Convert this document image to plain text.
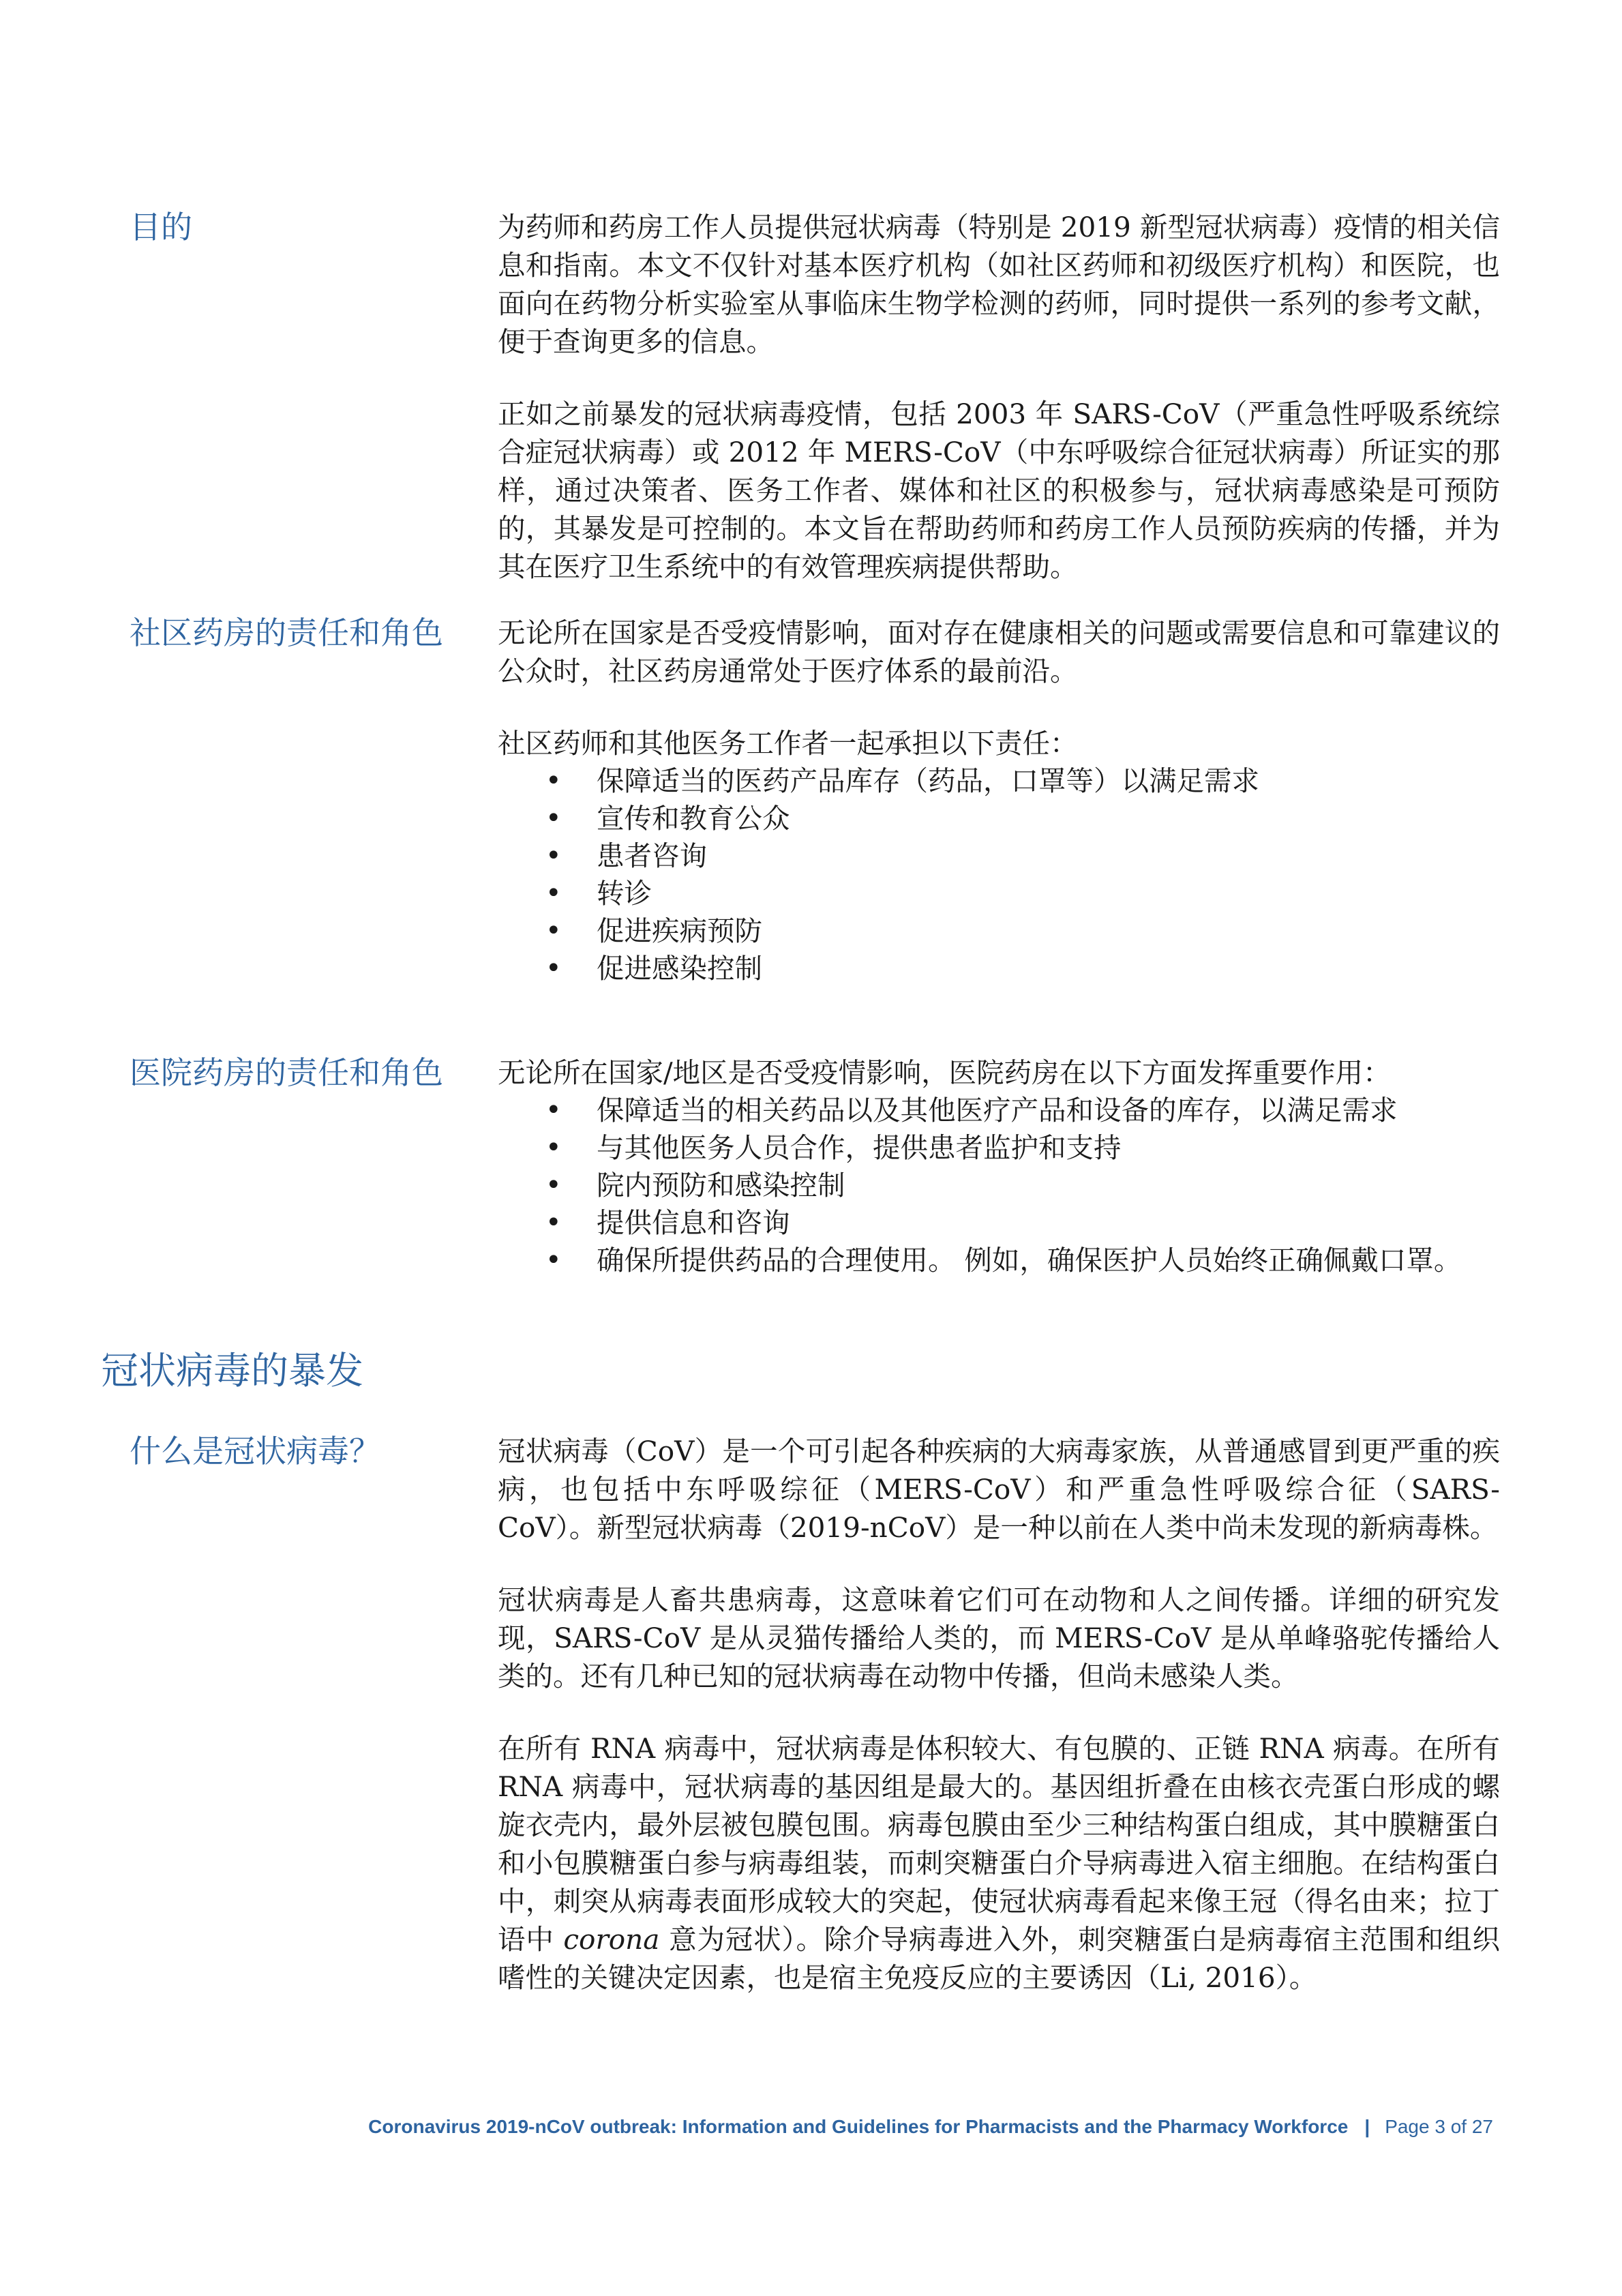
目的	为药师和药房工作人员提供冠状病毒（特别是 2019 新型冠状病毒）疫情的相关信息和指南。本文不仅针对基本医疗机构（如社区药师和初级医疗机构）和医院，也面向在药物分析实验室从事临床生物学检测的药师，同时提供一系列的参考文献，便于查询更多的信息。

正如之前暴发的冠状病毒疫情，包括 2003 年 SARS-CoV（严重急性呼吸系统综合症冠状病毒）或 2012 年 MERS-CoV（中东呼吸综合征冠状病毒）所证实的那样，通过决策者、医务工作者、媒体和社区的积极参与，冠状病毒感染是可预防的，其暴发是可控制的。本文旨在帮助药师和药房工作人员预防疾病的传播，并为其在医疗卫生系统中的有效管理疾病提供帮助。

社区药房的责任和角色 无论所在国家是否受疫情影响，面对存在健康相关的问题或需要信息和可靠建议的公众时，社区药房通常处于医疗体系的最前沿。

社区药师和其他医务工作者一起承担以下责任：

• 保障适当的医药产品库存（药品，口罩等）以满足需求
• 宣传和教育公众
• 患者咨询
• 转诊
• 促进疾病预防
• 促进感染控制
医院药房的责任和角色 无论所在国家/地区是否受疫情影响，医院药房在以下方面发挥重要作用：

• 保障适当的相关药品以及其他医疗产品和设备的库存，以满足需求
• 与其他医务人员合作，提供患者监护和支持
• 院内预防和感染控制
• 提供信息和咨询
• 确保所提供药品的合理使用。 例如，确保医护人员始终正确佩戴口罩。
冠状病毒的暴发
什么是冠状病毒？	冠状病毒（CoV）是一个可引起各种疾病的大病毒家族，从普通感冒到更严重的疾病，也包括中东呼吸综征（MERS-CoV）和严重急性呼吸综合征（SARS-CoV）。新型冠状病毒（2019-nCoV）是一种以前在人类中尚未发现的新病毒株。

冠状病毒是人畜共患病毒，这意味着它们可在动物和人之间传播。详细的研究发现，SARS-CoV 是从灵猫传播给人类的，而 MERS-CoV 是从单峰骆驼传播给人类的。还有几种已知的冠状病毒在动物中传播，但尚未感染人类。

在所有 RNA 病毒中，冠状病毒是体积较大、有包膜的、正链 RNA 病毒。在所有 RNA 病毒中，冠状病毒的基因组是最大的。基因组折叠在由核衣壳蛋白形成的螺旋衣壳内，最外层被包膜包围。病毒包膜由至少三种结构蛋白组成，其中膜糖蛋白和小包膜糖蛋白参与病毒组装，而刺突糖蛋白介导病毒进入宿主细胞。在结构蛋白中，刺突从病毒表面形成较大的突起，使冠状病毒看起来像王冠（得名由来；拉丁语中 corona 意为冠状）。除介导病毒进入外，刺突糖蛋白是病毒宿主范围和组织嗜性的关键决定因素，也是宿主免疫反应的主要诱因（Li, 2016）。

Coronavirus 2019-nCoV outbreak: Information and Guidelines for Pharmacists and the Pharmacy Workforce | Page 3 of 27
